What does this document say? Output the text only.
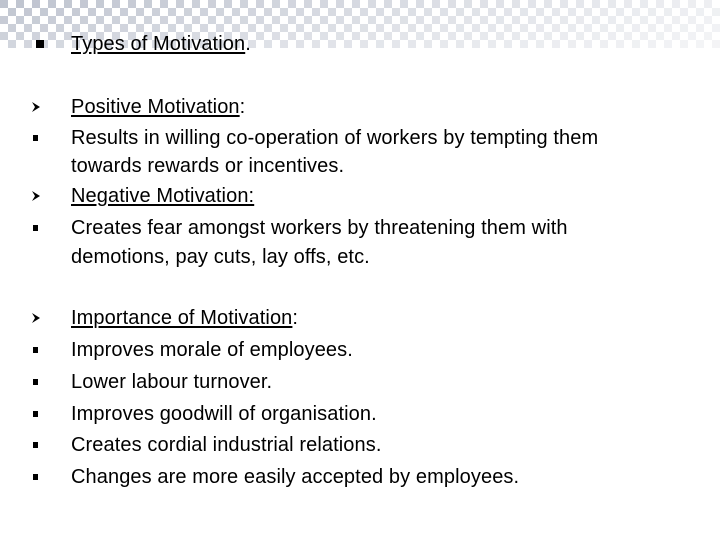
Types of Motivation.
Positive Motivation:
Results in willing co-operation of workers by tempting them
towards rewards or incentives.
Negative Motivation:
Creates fear amongst workers by threatening them with
demotions, pay cuts, lay offs, etc.
Importance of Motivation:
Improves morale of employees.
Lower labour turnover.
Improves goodwill of organisation.
Creates cordial industrial relations.
Changes are more easily accepted by employees.
